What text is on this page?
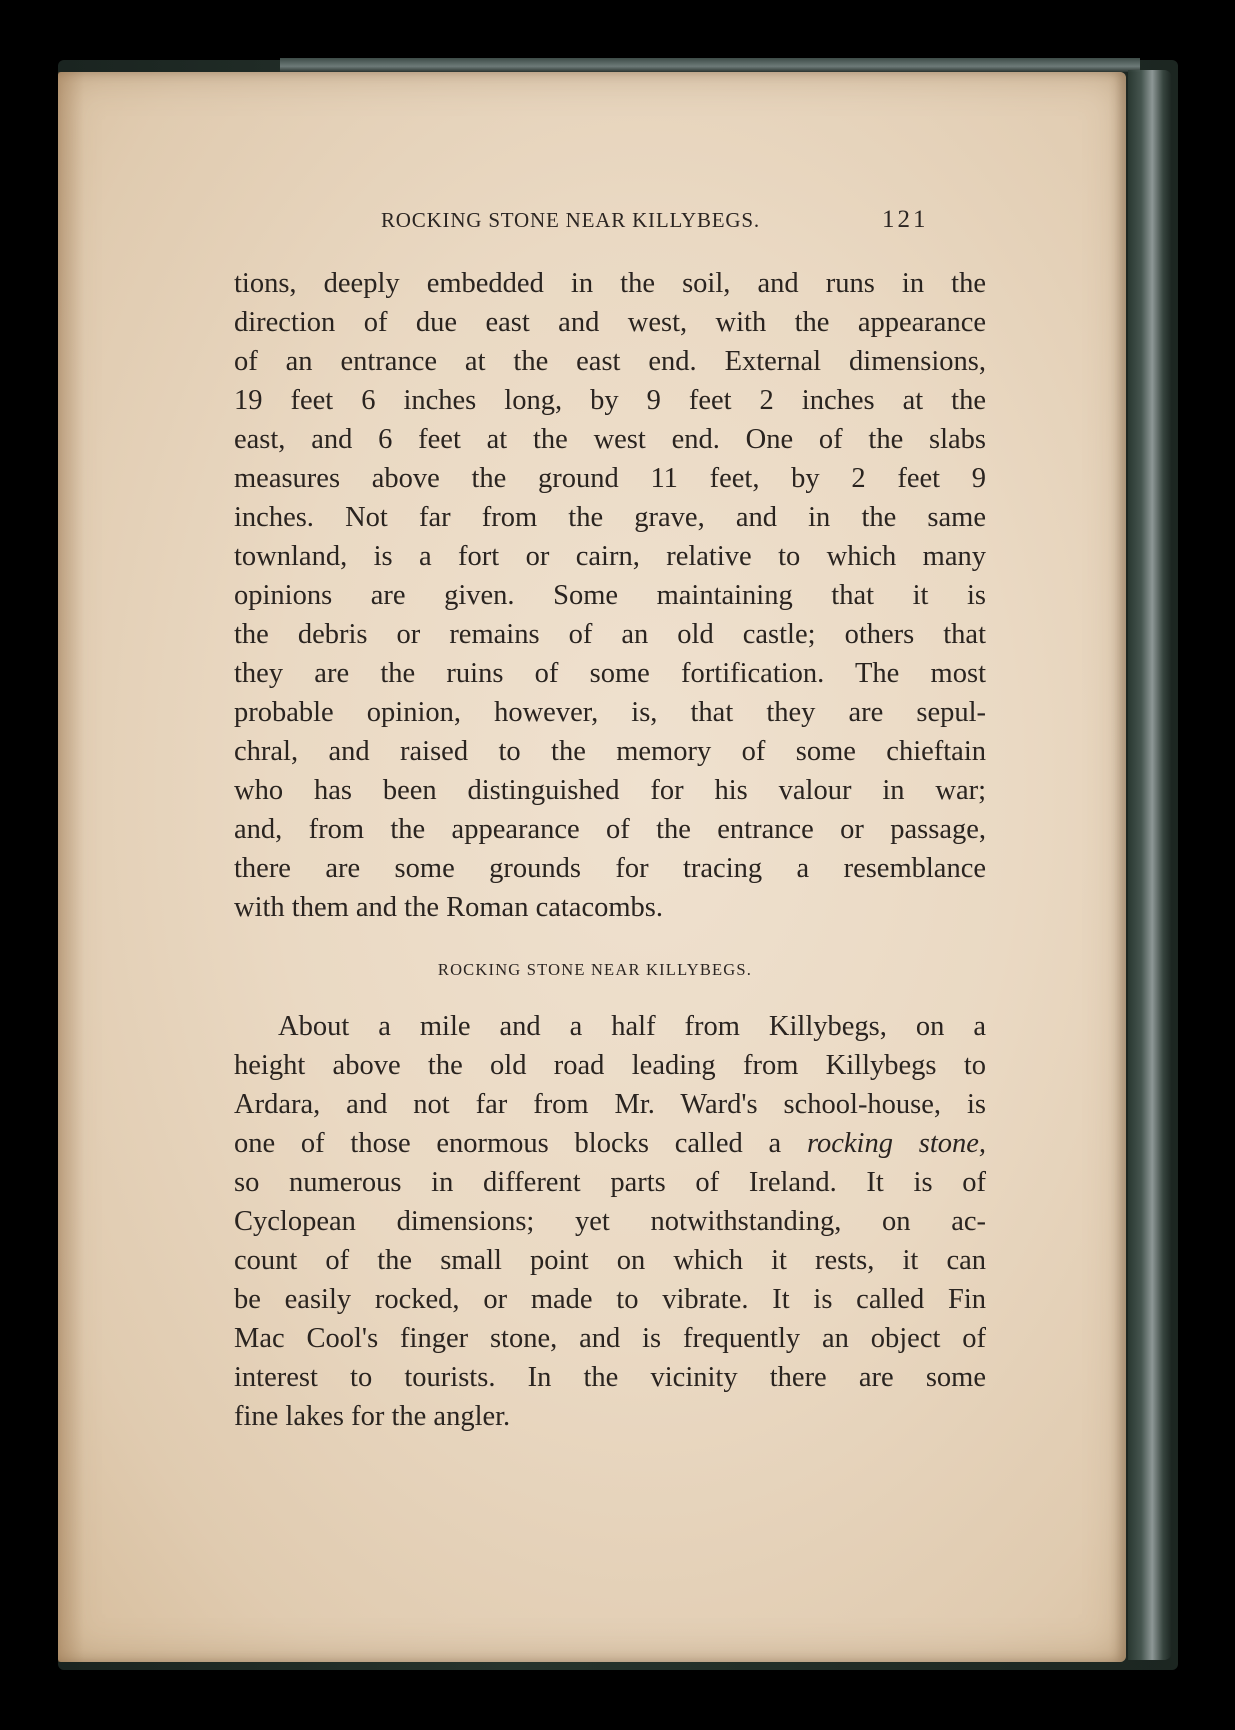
ROCKING STONE NEAR KILLYBEGS.	121
tions, deeply embedded in the soil, and runs in the
direction of due east and west, with the appearance
of an entrance at the east end. External dimensions,
19 feet 6 inches long, by 9 feet 2 inches at the
east, and 6 feet at the west end. One of the slabs
measures above the ground 11 feet, by 2 feet 9
inches. Not far from the grave, and in the same
townland, is a fort or cairn, relative to which many
opinions are given. Some maintaining that it is
the debris or remains of an old castle; others that
they are the ruins of some fortification. The most
probable opinion, however, is, that they are sepul-
chral, and raised to the memory of some chieftain
who has been distinguished for his valour in war;
and, from the appearance of the entrance or passage,
there are some grounds for tracing a resemblance
with them and the Roman catacombs.
ROCKING STONE NEAR KILLYBEGS.
About a mile and a half from Killybegs, on a
height above the old road leading from Killybegs to
Ardara, and not far from Mr. Ward's school-house, is
one of those enormous blocks called a rocking stone,
so numerous in different parts of Ireland. It is of
Cyclopean dimensions; yet notwithstanding, on ac-
count of the small point on which it rests, it can
be easily rocked, or made to vibrate. It is called Fin
Mac Cool's finger stone, and is frequently an object of
interest to tourists. In the vicinity there are some
fine lakes for the angler.
